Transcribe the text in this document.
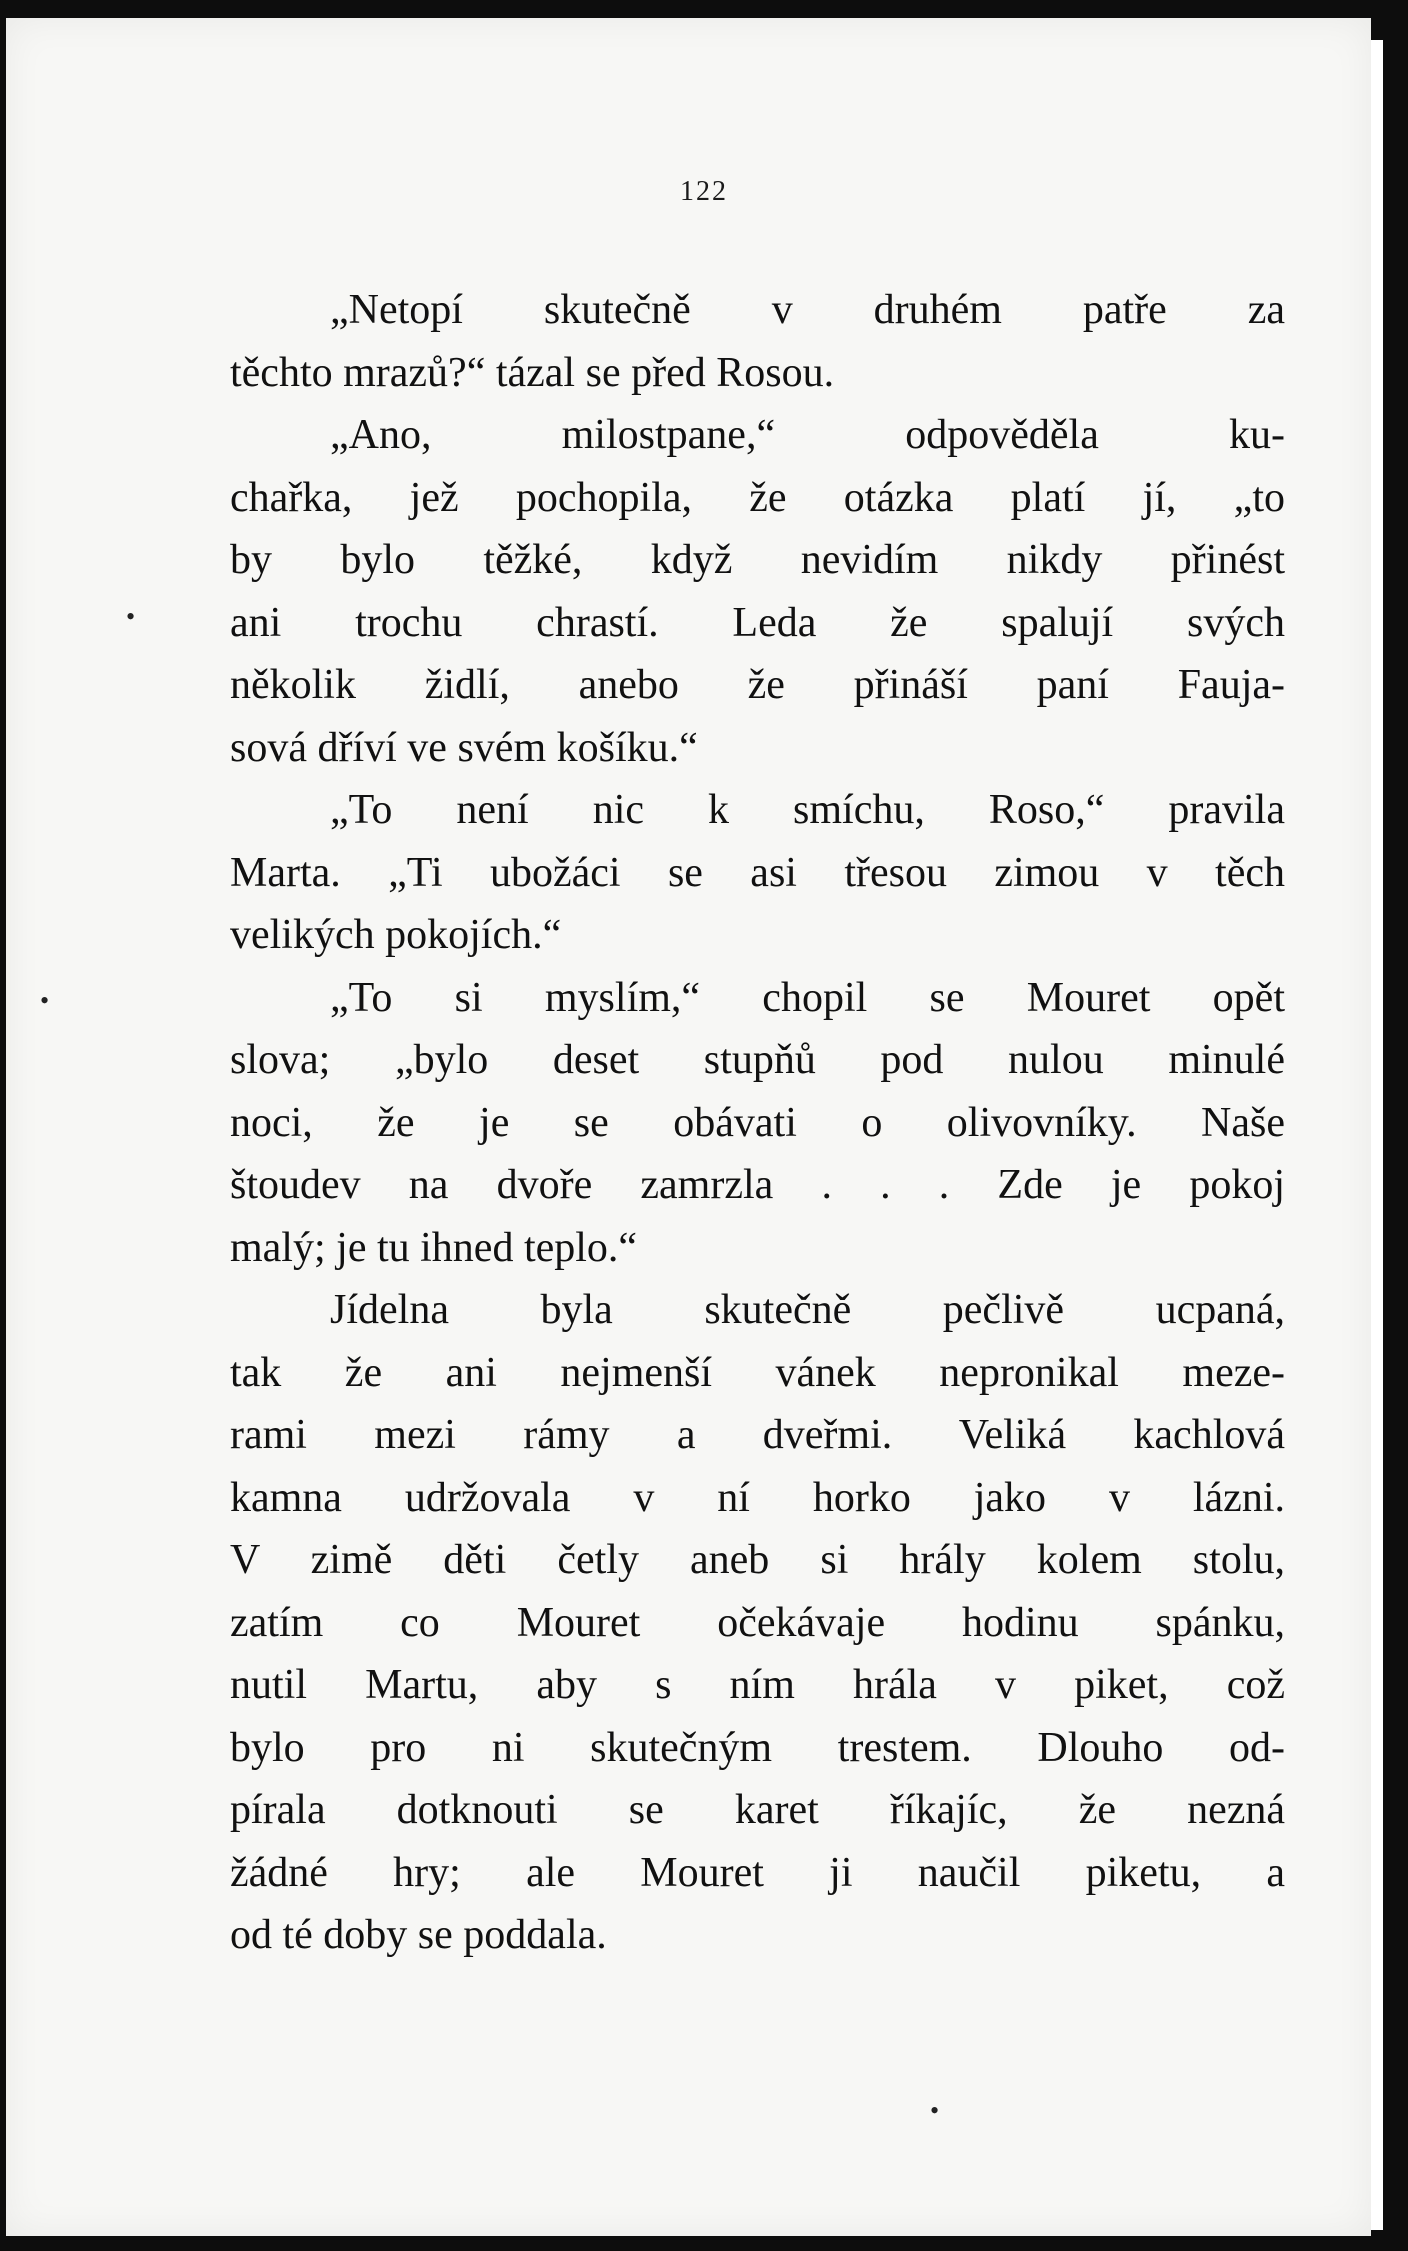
•
•
•
122
„Netopí skutečně v druhém patře za
těchto mrazů?“ tázal se před Rosou.
„Ano, milostpane,“ odpověděla ku-
chařka, jež pochopila, že otázka platí jí, „to
by bylo těžké, když nevidím nikdy přinést
ani trochu chrastí. Leda že spalují svých
několik židlí, anebo že přináší paní Fauja-
sová dříví ve svém košíku.“
„To není nic k smíchu, Roso,“ pravila
Marta. „Ti ubožáci se asi třesou zimou v těch
velikých pokojích.“
„To si myslím,“ chopil se Mouret opět
slova; „bylo deset stupňů pod nulou minulé
noci, že je se obávati o olivovníky. Naše
štoudev na dvoře zamrzla . . . Zde je pokoj
malý; je tu ihned teplo.“
Jídelna byla skutečně pečlivě ucpaná,
tak že ani nejmenší vánek nepronikal meze-
rami mezi rámy a dveřmi. Veliká kachlová
kamna udržovala v ní horko jako v lázni.
V zimě děti četly aneb si hrály kolem stolu,
zatím co Mouret očekávaje hodinu spánku,
nutil Martu, aby s ním hrála v piket, což
bylo pro ni skutečným trestem. Dlouho od-
pírala dotknouti se karet říkajíc, že nezná
žádné hry; ale Mouret ji naučil piketu, a
od té doby se poddala.
